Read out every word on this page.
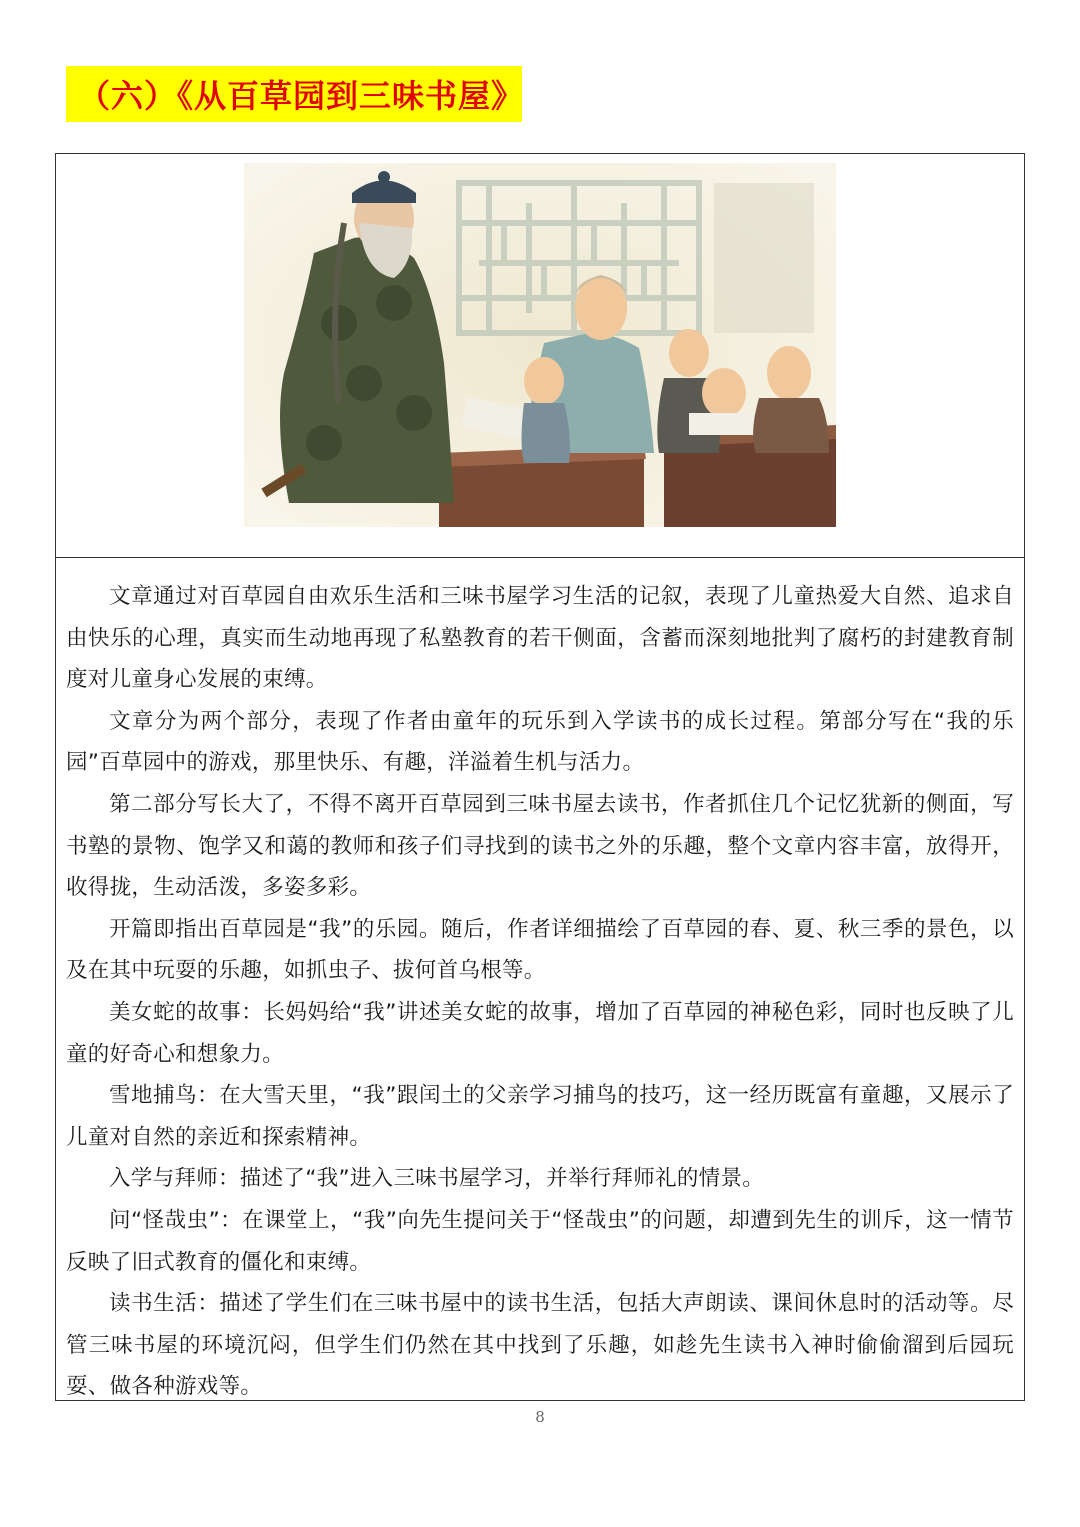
（六）《从百草园到三味书屋》

文章通过对百草园自由欢乐生活和三味书屋学习生活的记叙，表现了儿童热爱大自然、追求自由快乐的心理，真实而生动地再现了私塾教育的若干侧面，含蓄而深刻地批判了腐朽的封建教育制度对儿童身心发展的束缚。

文章分为两个部分，表现了作者由童年的玩乐到入学读书的成长过程。第部分写在“我的乐园”百草园中的游戏，那里快乐、有趣，洋溢着生机与活力。

第二部分写长大了，不得不离开百草园到三味书屋去读书，作者抓住几个记忆犹新的侧面，写书塾的景物、饱学又和蔼的教师和孩子们寻找到的读书之外的乐趣，整个文章内容丰富，放得开，收得拢，生动活泼，多姿多彩。

开篇即指出百草园是“我”的乐园。随后，作者详细描绘了百草园的春、夏、秋三季的景色，以及在其中玩耍的乐趣，如抓虫子、拔何首乌根等。

美女蛇的故事：长妈妈给“我”讲述美女蛇的故事，增加了百草园的神秘色彩，同时也反映了儿童的好奇心和想象力。

雪地捕鸟：在大雪天里，“我”跟闰土的父亲学习捕鸟的技巧，这一经历既富有童趣，又展示了儿童对自然的亲近和探索精神。

入学与拜师：描述了“我”进入三味书屋学习，并举行拜师礼的情景。

问“怪哉虫”：在课堂上，“我”向先生提问关于“怪哉虫”的问题，却遭到先生的训斥，这一情节反映了旧式教育的僵化和束缚。

读书生活：描述了学生们在三味书屋中的读书生活，包括大声朗读、课间休息时的活动等。尽管三味书屋的环境沉闷，但学生们仍然在其中找到了乐趣，如趁先生读书入神时偷偷溜到后园玩耍、做各种游戏等。

8
